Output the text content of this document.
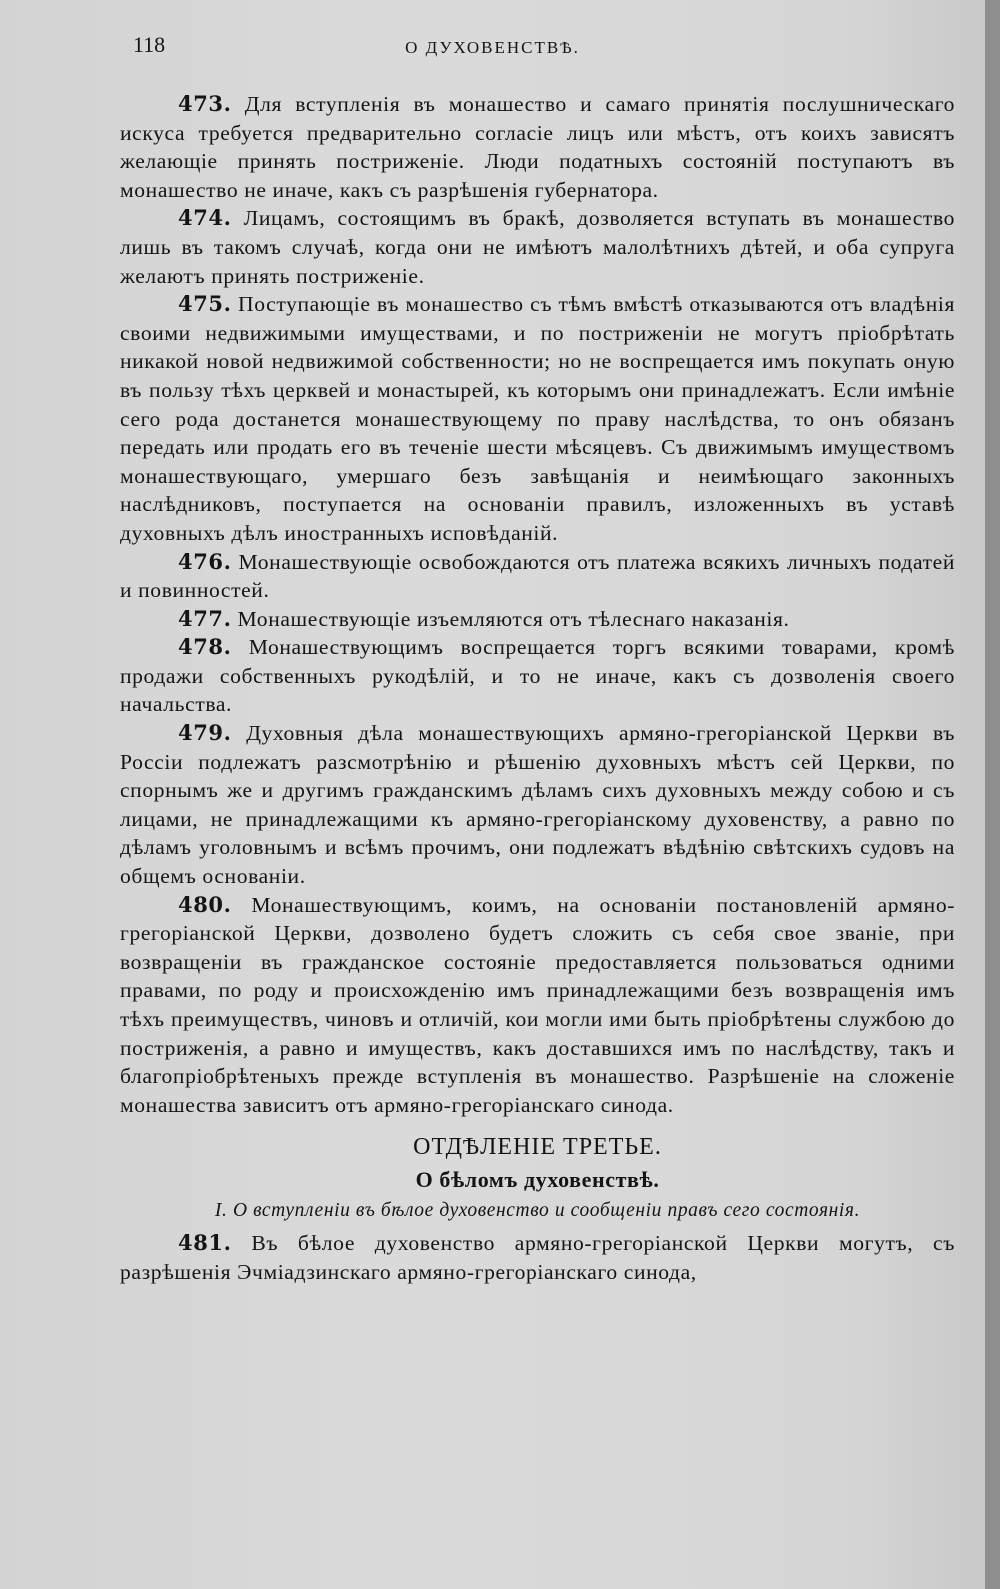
118	О ДУХОВЕНСТВѢ.

473. Для вступленія въ монашество и самаго принятія послушническаго искуса требуется предварительно согласіе лицъ или мѣстъ, отъ коихъ зависятъ желающіе принять постриженіе. Люди податныхъ состояній поступаютъ въ монашество не иначе, какъ съ разрѣшенія губернатора.

474. Лицамъ, состоящимъ въ бракѣ, дозволяется вступать въ монашество лишь въ такомъ случаѣ, когда они не имѣютъ малолѣтнихъ дѣтей, и оба супруга желаютъ принять постриженіе.

475. Поступающіе въ монашество съ тѣмъ вмѣстѣ отказываются отъ владѣнія своими недвижимыми имуществами, и по постриженіи не могутъ пріобрѣтать никакой новой недвижимой собственности; но не воспрещается имъ покупать оную въ пользу тѣхъ церквей и монастырей, къ которымъ они принадлежатъ. Если имѣніе сего рода достанется монашествующему по праву наслѣдства, то онъ обязанъ передать или продать его въ теченіе шести мѣсяцевъ. Съ движимымъ имуществомъ монашествующаго, умершаго безъ завѣщанія и неимѣющаго законныхъ наслѣдниковъ, поступается на основаніи правилъ, изложенныхъ въ уставѣ духовныхъ дѣлъ иностранныхъ исповѣданій.

476. Монашествующіе освобождаются отъ платежа всякихъ личныхъ податей и повинностей.

477. Монашествующіе изъемляются отъ тѣлеснаго наказанія.

478. Монашествующимъ воспрещается торгъ всякими товарами, кромѣ продажи собственныхъ рукодѣлій, и то не иначе, какъ съ дозволенія своего начальства.

479. Духовныя дѣла монашествующихъ армяно-грегоріанской Церкви въ Россіи подлежатъ разсмотрѣнію и рѣшенію духовныхъ мѣстъ сей Церкви, по спорнымъ же и другимъ гражданскимъ дѣламъ сихъ духовныхъ между собою и съ лицами, не принадлежащими къ армяно-грегоріанскому духовенству, а равно по дѣламъ уголовнымъ и всѣмъ прочимъ, они подлежатъ вѣдѣнію свѣтскихъ судовъ на общемъ основаніи.

480. Монашествующимъ, коимъ, на основаніи постановленій армяно-грегоріанской Церкви, дозволено будетъ сложить съ себя свое званіе, при возвращеніи въ гражданское состояніе предоставляется пользоваться одними правами, по роду и происхожденію имъ принадлежащими безъ возвращенія имъ тѣхъ преимуществъ, чиновъ и отличій, кои могли ими быть пріобрѣтены службою до постриженія, а равно и имуществъ, какъ доставшихся имъ по наслѣдству, такъ и благопріобрѣтеныхъ прежде вступленія въ монашество. Разрѣшеніе на сложеніе монашества зависитъ отъ армяно-грегоріанскаго синода.

ОТДѢЛЕНІЕ ТРЕТЬЕ.
О бѣломъ духовенствѣ.
I. О вступленіи въ бѣлое духовенство и сообщеніи правъ сего состоянія.

481. Въ бѣлое духовенство армяно-грегоріанской Церкви могутъ, съ разрѣшенія Эчміадзинскаго армяно-грегоріанскаго синода,
